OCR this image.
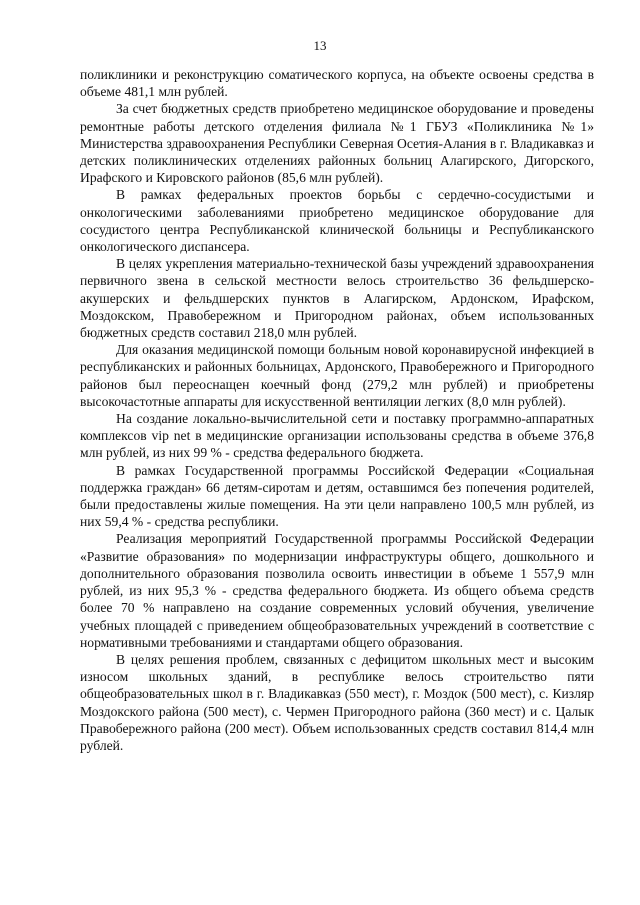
13

поликлиники и реконструкцию соматического корпуса, на объекте освоены средства в объеме 481,1 млн рублей.

За счет бюджетных средств приобретено медицинское оборудование и проведены ремонтные работы детского отделения филиала №1 ГБУЗ «Поликлиника №1» Министерства здравоохранения Республики Северная Осетия-Алания в г. Владикавказ и детских поликлинических отделениях районных больниц Алагирского, Дигорского, Ирафского и Кировского районов (85,6 млн рублей).

В рамках федеральных проектов борьбы с сердечно-сосудистыми и онкологическими заболеваниями приобретено медицинское оборудование для сосудистого центра Республиканской клинической больницы и Республиканского онкологического диспансера.

В целях укрепления материально-технической базы учреждений здравоохранения первичного звена в сельской местности велось строительство 36 фельдшерско-акушерских и фельдшерских пунктов в Алагирском, Ардонском, Ирафском, Моздокском, Правобережном и Пригородном районах, объем использованных бюджетных средств составил 218,0 млн рублей.

Для оказания медицинской помощи больным новой коронавирусной инфекцией в республиканских и районных больницах, Ардонского, Правобережного и Пригородного районов был переоснащен коечный фонд (279,2 млн рублей) и приобретены высокочастотные аппараты для искусственной вентиляции легких (8,0 млн рублей).

На создание локально-вычислительной сети и поставку программно-аппаратных комплексов vip net в медицинские организации использованы средства в объеме 376,8 млн рублей, из них 99 % - средства федерального бюджета.

В рамках Государственной программы Российской Федерации «Социальная поддержка граждан» 66 детям-сиротам и детям, оставшимся без попечения родителей, были предоставлены жилые помещения. На эти цели направлено 100,5 млн рублей, из них 59,4 % - средства республики.

Реализация мероприятий Государственной программы Российской Федерации «Развитие образования» по модернизации инфраструктуры общего, дошкольного и дополнительного образования позволила освоить инвестиции в объеме 1 557,9 млн рублей, из них 95,3 % - средства федерального бюджета. Из общего объема средств более 70 % направлено на создание современных условий обучения, увеличение учебных площадей с приведением общеобразовательных учреждений в соответствие с нормативными требованиями и стандартами общего образования.

В целях решения проблем, связанных с дефицитом школьных мест и высоким износом школьных зданий, в республике велось строительство пяти общеобразовательных школ в г. Владикавказ (550 мест), г. Моздок (500 мест), с. Кизляр Моздокского района (500 мест), с. Чермен Пригородного района (360 мест) и с. Цалык Правобережного района (200 мест). Объем использованных средств составил 814,4 млн рублей.
